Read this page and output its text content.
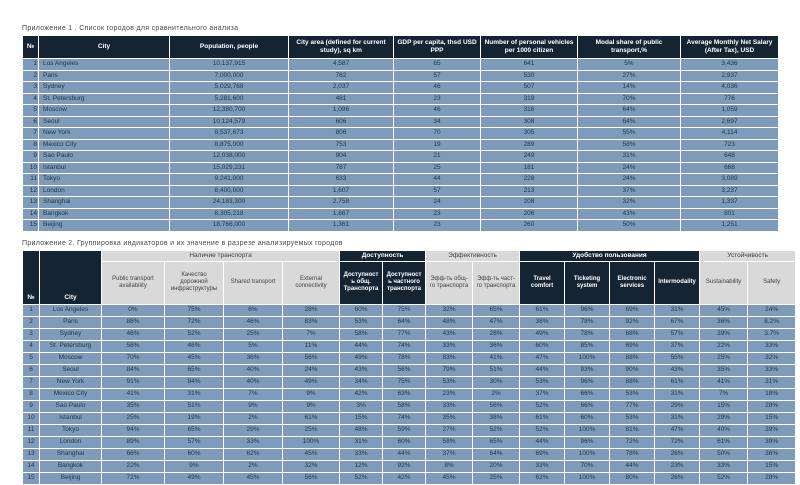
Приложение 1 . Список городов для сравнительного анализа
№	City	Population, people	City area (defined for current study), sq km	GDP per capita, thsd USD PPP	Number of personal vehicles per 1000 citizen	Modal share of public transport,%	Average Monthly Net Salary (After Tax), USD
1	Los Angeles	10,137,915	4,587	65	641	5%	3,436
2	Paris	7,000,000	762	57	530	27%	2,937
3	Sydney	5,029,768	2,037	46	507	14%	4,036
4	St. Petersburg	5,281,600	481	23	319	70%	776
5	Moscow	12,380,700	1,096	46	316	64%	1,059
6	Seoul	10,124,579	606	34	308	64%	2,697
7	New York	8,537,673	806	70	305	55%	4,114
8	Mexico City	8,875,000	753	19	289	58%	723
9	Sao Paulo	12,038,000	904	21	249	31%	648
10	Istanbul	15,029,231	787	25	181	24%	668
11	Tokyo	9,241,000	633	44	228	24%	3,089
12	London	8,400,000	1,607	57	213	37%	3,237
13	Shanghai	24,183,300	2,758	24	208	32%	1,337
14	Bangkok	8,305,218	1,867	23	206	43%	801
15	Beijing	18,766,000	1,361	23	260	50%	1,251
Приложение 2. Группировка индикаторов и их значение в разрезе анализируемых городов
№	City	Наличие транспорта				Доступность		Эффективность		Удобство пользования				Устойчивость	
		Public transport availability	Качество дорожной инфраструктуры	Shared transport	External connectivity	Доступность общ. Транспорта	Доступность частного транспорта	Эфф-ть общ-го транспорта	Эфф-ть част-го транспорта	Travel comfort	Ticketing system	Electronic services	Intermodality	Sustainability	Safety
1	Los Angeles	0%	75%	6%	28%	60%	75%	32%	65%	61%	96%	69%	31%	45%	24%
2	Paris	88%	72%	46%	83%	53%	64%	48%	47%	38%	78%	92%	67%	36%	8.2%
3	Sydney	46%	52%	25%	7%	58%	77%	43%	28%	49%	78%	68%	57%	39%	3.7%
4	St. Petersburg	58%	46%	5%	11%	44%	74%	33%	36%	60%	85%	69%	37%	22%	33%
5	Moscow	70%	45%	36%	56%	49%	78%	83%	41%	47%	100%	88%	55%	25%	32%
6	Seoul	84%	65%	40%	24%	43%	56%	79%	51%	44%	93%	90%	43%	35%	33%
7	New York	91%	84%	40%	49%	34%	75%	53%	30%	53%	96%	88%	61%	41%	31%
8	Mexico City	41%	31%	7%	9%	42%	63%	23%	2%	37%	66%	53%	31%	7%	18%
9	Sao Paulo	35%	51%	9%	9%	3%	58%	33%	56%	52%	66%	77%	29%	15%	28%
10	Istanbul	25%	19%	2%	61%	15%	74%	35%	38%	61%	60%	53%	31%	29%	15%
11	Tokyo	94%	65%	29%	25%	48%	59%	27%	52%	52%	100%	81%	47%	40%	39%
12	London	89%	57%	33%	100%	31%	60%	58%	65%	44%	96%	72%	72%	61%	39%
13	Shanghai	66%	60%	62%	45%	33%	44%	37%	64%	69%	100%	78%	26%	50%	36%
14	Bangkok	22%	9%	2%	32%	12%	92%	8%	20%	33%	70%	44%	23%	33%	15%
15	Beijing	72%	49%	45%	56%	52%	42%	45%	25%	62%	100%	80%	26%	52%	28%
